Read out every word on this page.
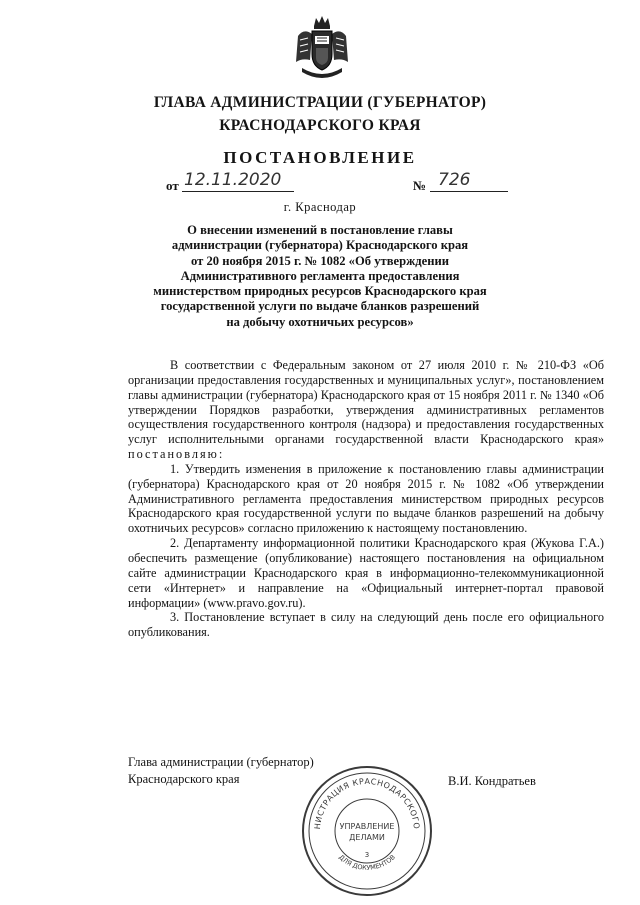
ГЛАВА АДМИНИСТРАЦИИ (ГУБЕРНАТОР)
КРАСНОДАРСКОГО КРАЯ
ПОСТАНОВЛЕНИЕ
от 12.11.2020	№ 726
г. Краснодар
О внесении изменений в постановление главы
администрации (губернатора) Краснодарского края
от 20 ноября 2015 г. № 1082 «Об утверждении
Административного регламента предоставления
министерством природных ресурсов Краснодарского края
государственной услуги по выдаче бланков разрешений
на добычу охотничьих ресурсов»

В соответствии с Федеральным законом от 27 июля 2010 г. № 210-ФЗ «Об организации предоставления государственных и муниципальных услуг», постановлением главы администрации (губернатора) Краснодарского края от 15 ноября 2011 г. № 1340 «Об утверждении Порядков разработки, утверждения административных регламентов осуществления государственного контроля (надзора) и предоставления государственных услуг исполнительными органами государственной власти Краснодарского края» постановляю:

1. Утвердить изменения в приложение к постановлению главы администрации (губернатора) Краснодарского края от 20 ноября 2015 г. № 1082 «Об утверждении Административного регламента предоставления министерством природных ресурсов Краснодарского края государственной услуги по выдаче бланков разрешений на добычу охотничьих ресурсов» согласно приложению к настоящему постановлению.

2. Департаменту информационной политики Краснодарского края (Жукова Г.А.) обеспечить размещение (опубликование) настоящего постановления на официальном сайте администрации Краснодарского края в информационно-телекоммуникационной сети «Интернет» и направление на «Официальный интернет-портал правовой информации» (www.pravo.gov.ru).

3. Постановление вступает в силу на следующий день после его официального опубликования.

Глава администрации (губернатор)
Краснодарского края	В.И. Кондратьев
НИСТРАЦИЯ КРАСНОДАРСКОГО
ДЛЯ ДОКУМЕНТОВ
УПРАВЛЕНИЕ
ДЕЛАМИ
3
